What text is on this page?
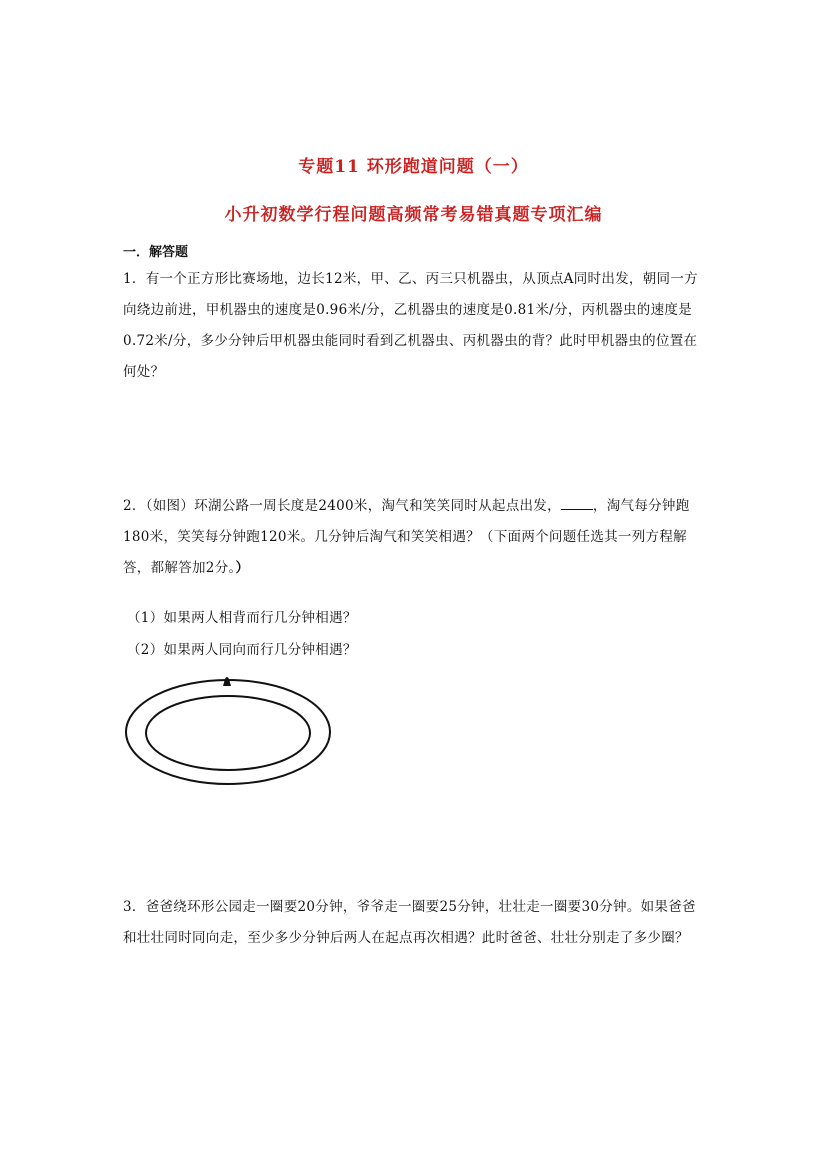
专题11 环形跑道问题（一）
小升初数学行程问题高频常考易错真题专项汇编
一．解答题

1．有一个正方形比赛场地，边长12米，甲、乙、丙三只机器虫，从顶点A同时出发，朝同一方向绕边前进，甲机器虫的速度是0.96米/分，乙机器虫的速度是0.81米/分，丙机器虫的速度是0.72米/分，多少分钟后甲机器虫能同时看到乙机器虫、丙机器虫的背？此时甲机器虫的位置在何处？

2．（如图）环湖公路一周长度是2400米，淘气和笑笑同时从起点出发， ，淘气每分钟跑180米，笑笑每分钟跑120米。几分钟后淘气和笑笑相遇？（下面两个问题任选其一列方程解答，都解答加2分。）

（1）如果两人相背而行几分钟相遇？
（2）如果两人同向而行几分钟相遇？

3．爸爸绕环形公园走一圈要20分钟，爷爷走一圈要25分钟，壮壮走一圈要30分钟。如果爸爸和壮壮同时同向走，至少多少分钟后两人在起点再次相遇？此时爸爸、壮壮分别走了多少圈？
